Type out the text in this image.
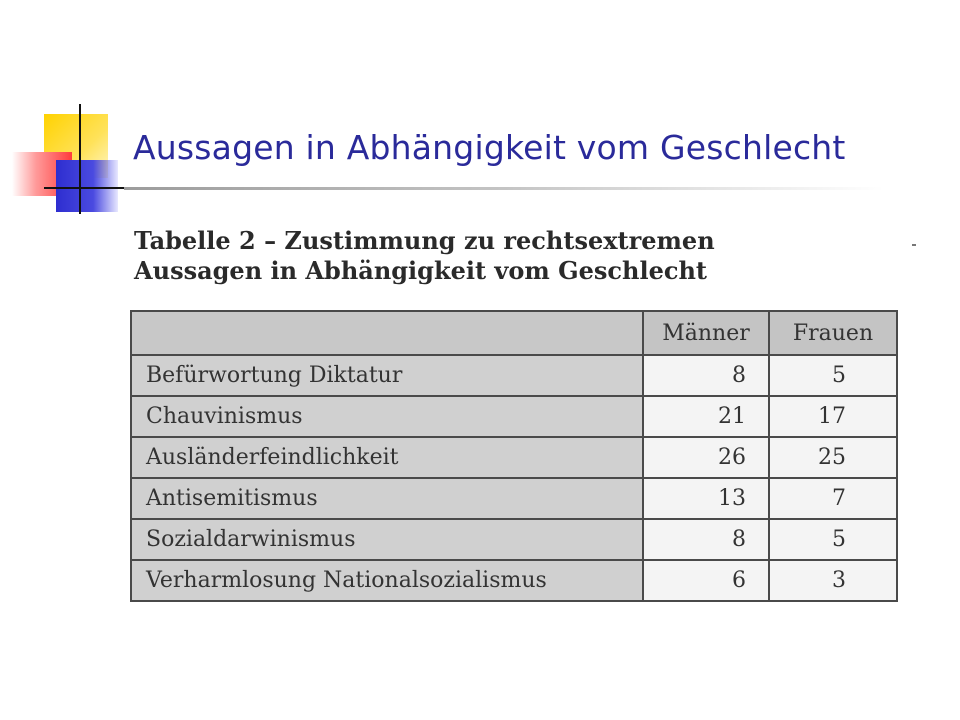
Aussagen in Abhängigkeit vom Geschlecht
Tabelle 2 – Zustimmung zu rechtsextremen
Aussagen in Abhängigkeit vom Geschlecht
	Männer	Frauen
Befürwortung Diktatur	8	5
Chauvinismus	21	17
Ausländerfeindlichkeit	26	25
Antisemitismus	13	7
Sozialdarwinismus	8	5
Verharmlosung Nationalsozialismus	6	3
